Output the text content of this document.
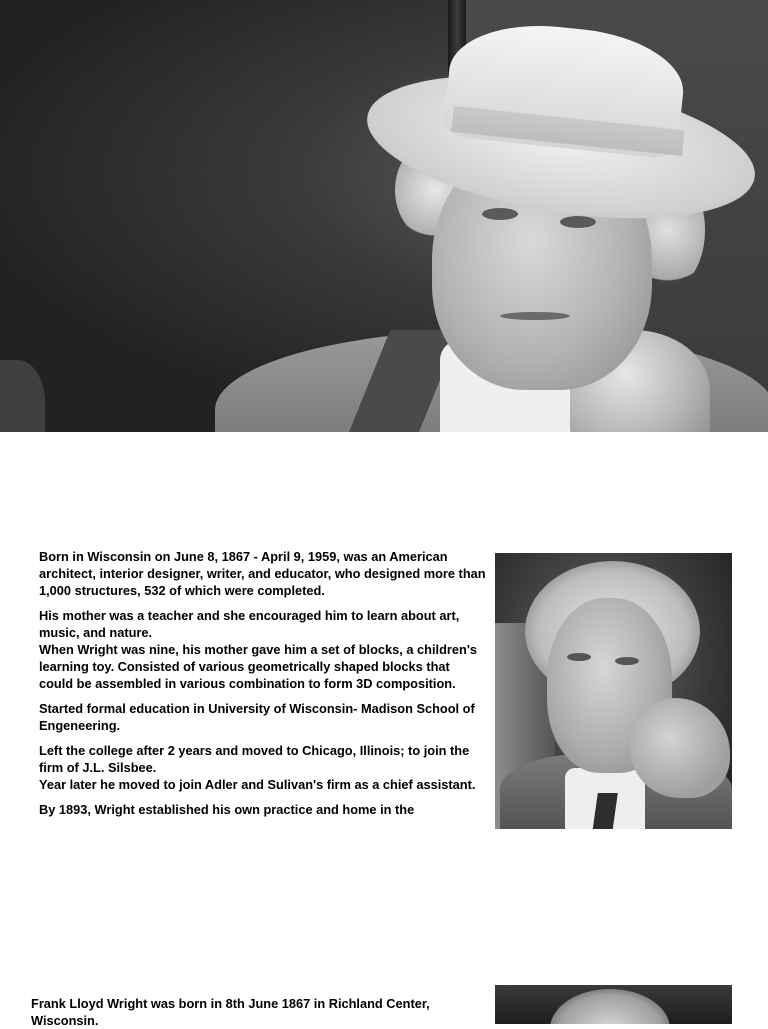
Born in Wisconsin on June 8, 1867 - April 9, 1959, was an American architect, interior designer, writer, and educator, who designed more than 1,000 structures, 532 of which were completed.

His mother was a teacher and she encouraged him to learn about art, music, and nature.
When Wright was nine, his mother gave him a set of blocks, a children's learning toy. Consisted of various geometrically shaped blocks that could be assembled in various combination to form 3D composition.

Started formal education in University of Wisconsin- Madison School of Engeneering.

Left the college after 2 years and moved to Chicago, Illinois; to join the firm of J.L. Silsbee.
Year later he moved to join Adler and Sulivan's firm as a chief assistant.

By 1893, Wright established his own practice and home in the

Frank Lloyd Wright was born in 8th June 1867 in Richland Center, Wisconsin.
